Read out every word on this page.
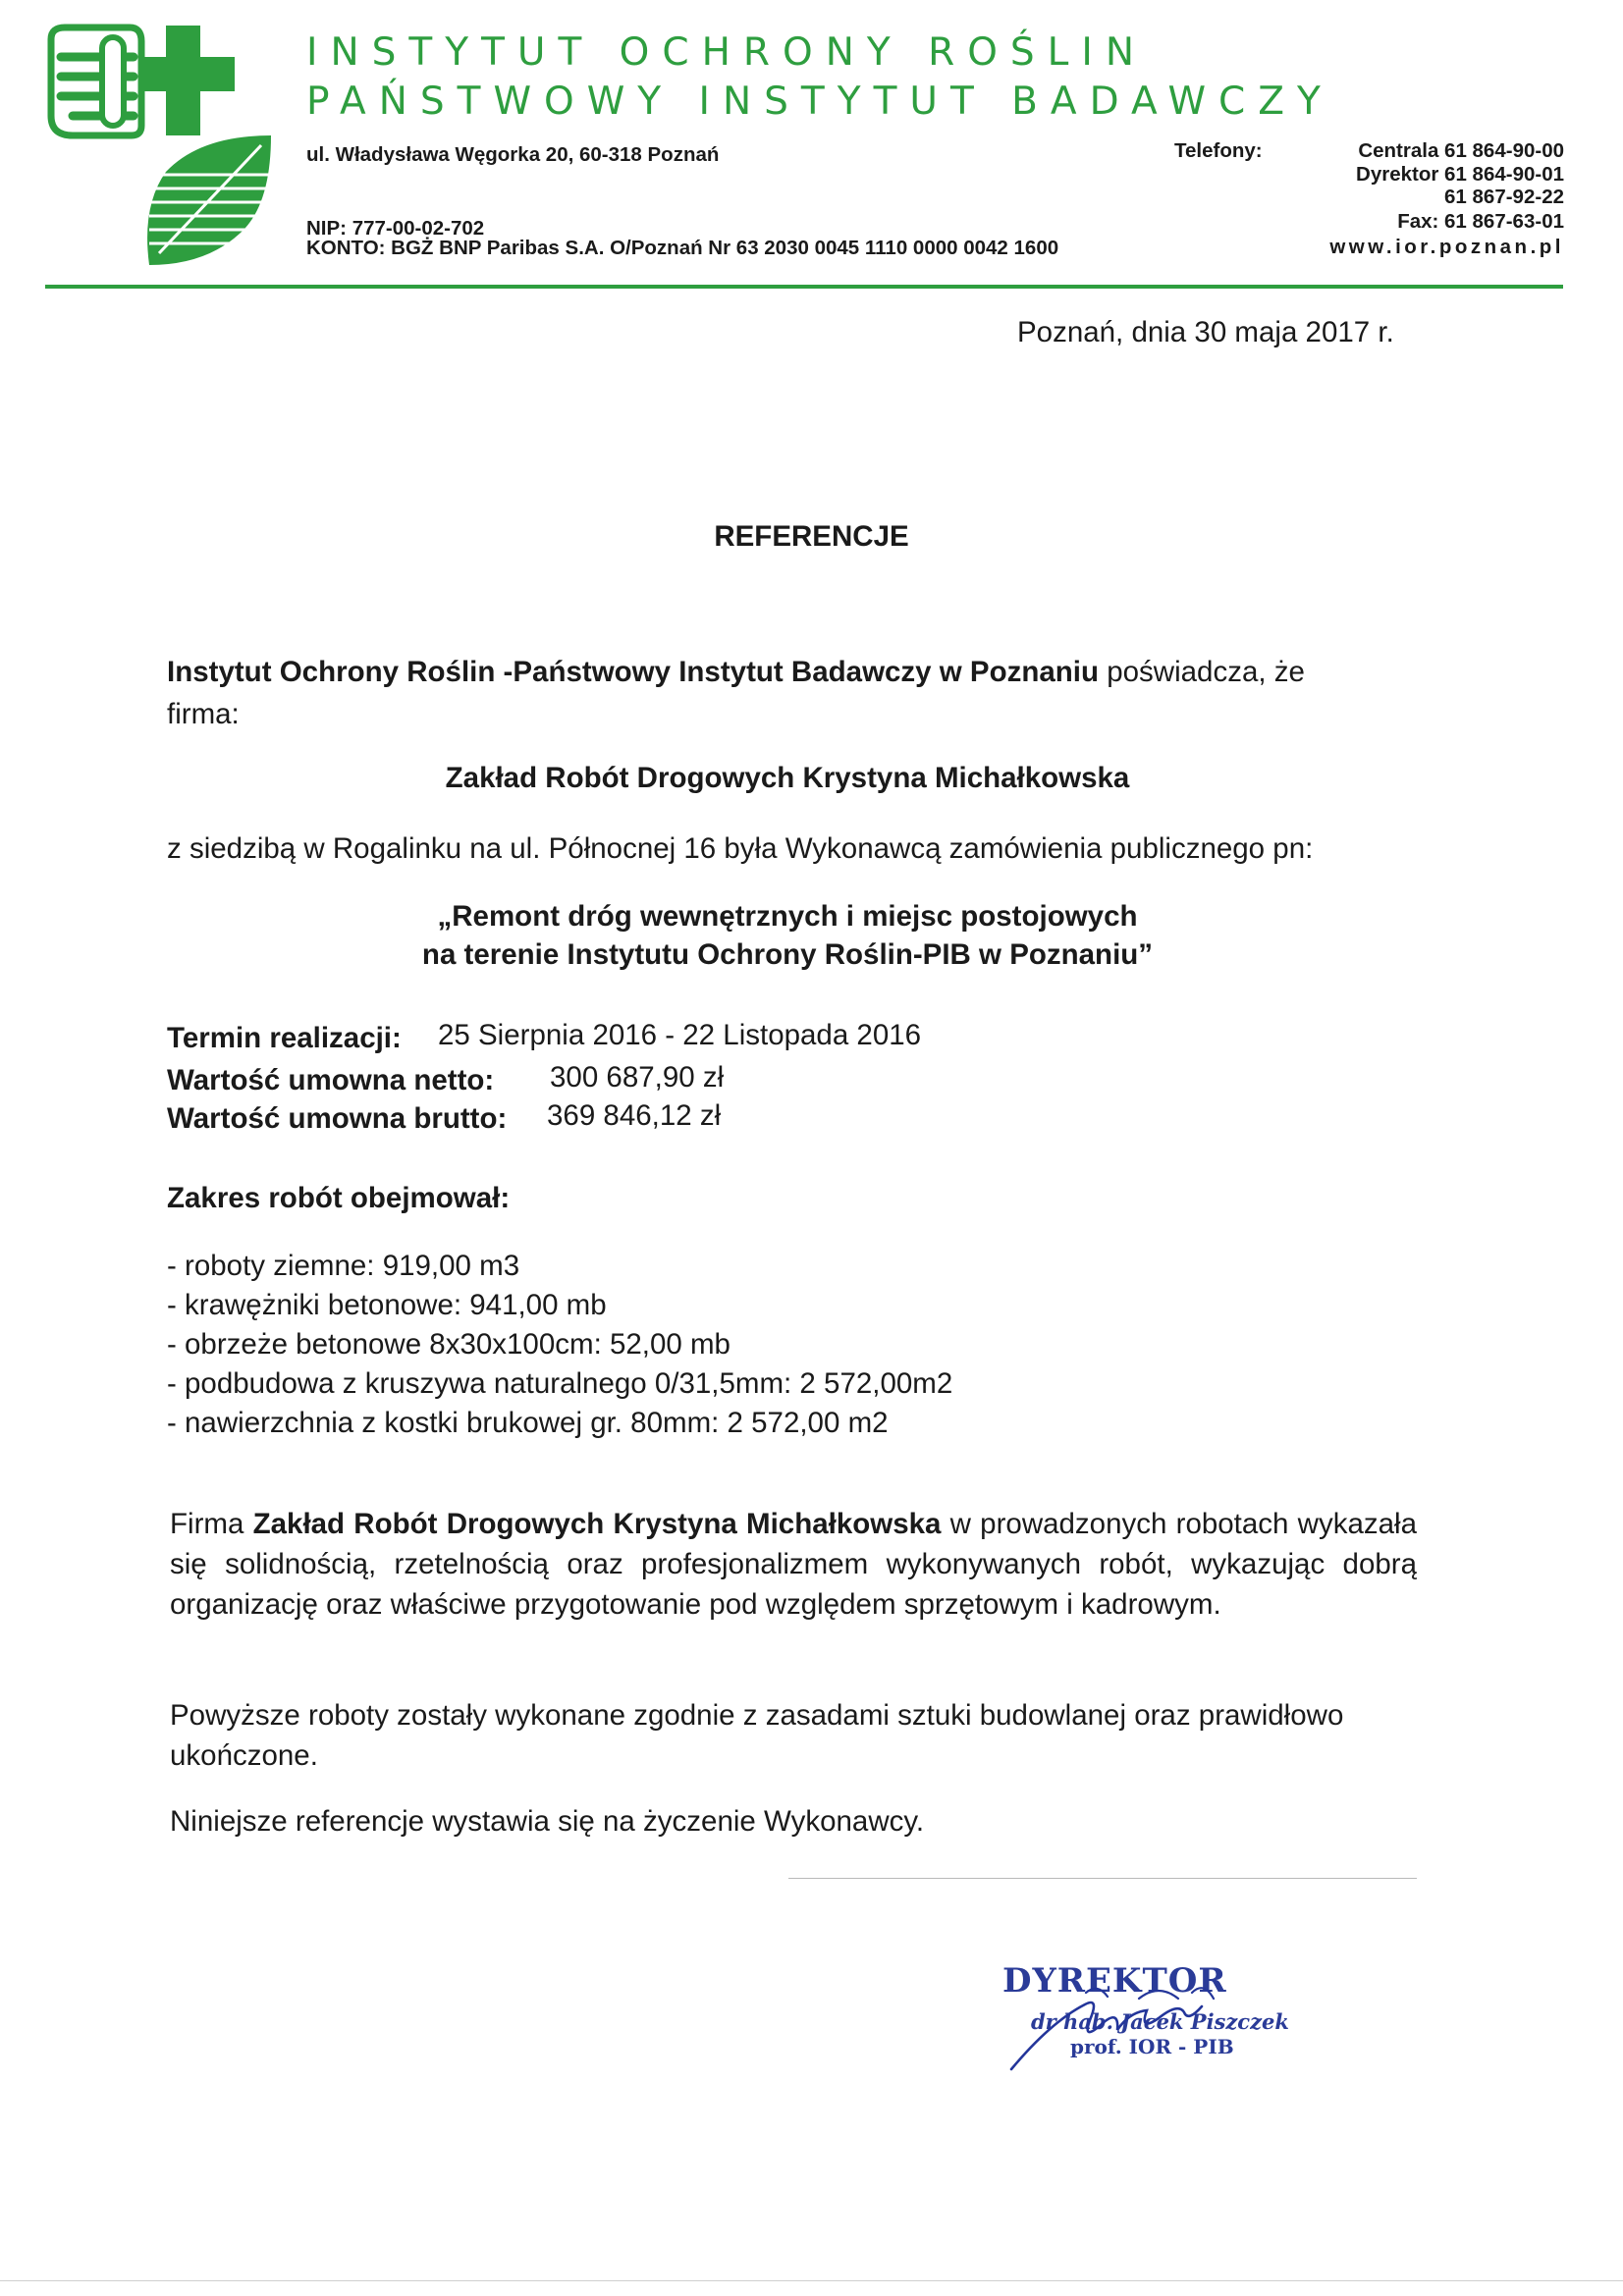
INSTYTUT OCHRONY ROŚLIN
PAŃSTWOWY INSTYTUT BADAWCZY
ul. Władysława Węgorka 20, 60-318 Poznań
NIP: 777-00-02-702
KONTO: BGŻ BNP Paribas S.A. O/Poznań Nr 63 2030 0045 1110 0000 0042 1600
Telefony:	Centrala 61 864-90-00
Dyrektor 61 864-90-01
61 867-92-22
Fax: 61 867-63-01
www.ior.poznan.pl
Poznań, dnia 30 maja 2017 r.
REFERENCJE
Instytut Ochrony Roślin -Państwowy Instytut Badawczy w Poznaniu poświadcza, że
firma:
Zakład Robót Drogowych Krystyna Michałkowska
z siedzibą w Rogalinku na ul. Północnej 16 była Wykonawcą zamówienia publicznego pn:
„Remont dróg wewnętrznych i miejsc postojowych
na terenie Instytutu Ochrony Roślin-PIB w Poznaniu”
Termin realizacji: 25 Sierpnia 2016 - 22 Listopada 2016
Wartość umowna netto: 300 687,90 zł
Wartość umowna brutto: 369 846,12 zł
Zakres robót obejmował:
- roboty ziemne: 919,00 m3
- krawężniki betonowe: 941,00 mb
- obrzeże betonowe 8x30x100cm: 52,00 mb
- podbudowa z kruszywa naturalnego 0/31,5mm: 2 572,00m2
- nawierzchnia z kostki brukowej gr. 80mm: 2 572,00 m2
Firma Zakład Robót Drogowych Krystyna Michałkowska w prowadzonych robotach wykazała się solidnością, rzetelnością oraz profesjonalizmem wykonywanych robót, wykazując dobrą organizację oraz właściwe przygotowanie pod względem sprzętowym i kadrowym.
Powyższe roboty zostały wykonane zgodnie z zasadami sztuki budowlanej oraz prawidłowo ukończone.
Niniejsze referencje wystawia się na życzenie Wykonawcy.
DYREKTOR
dr hab. Jacek Piszczek
prof. IOR - PIB
